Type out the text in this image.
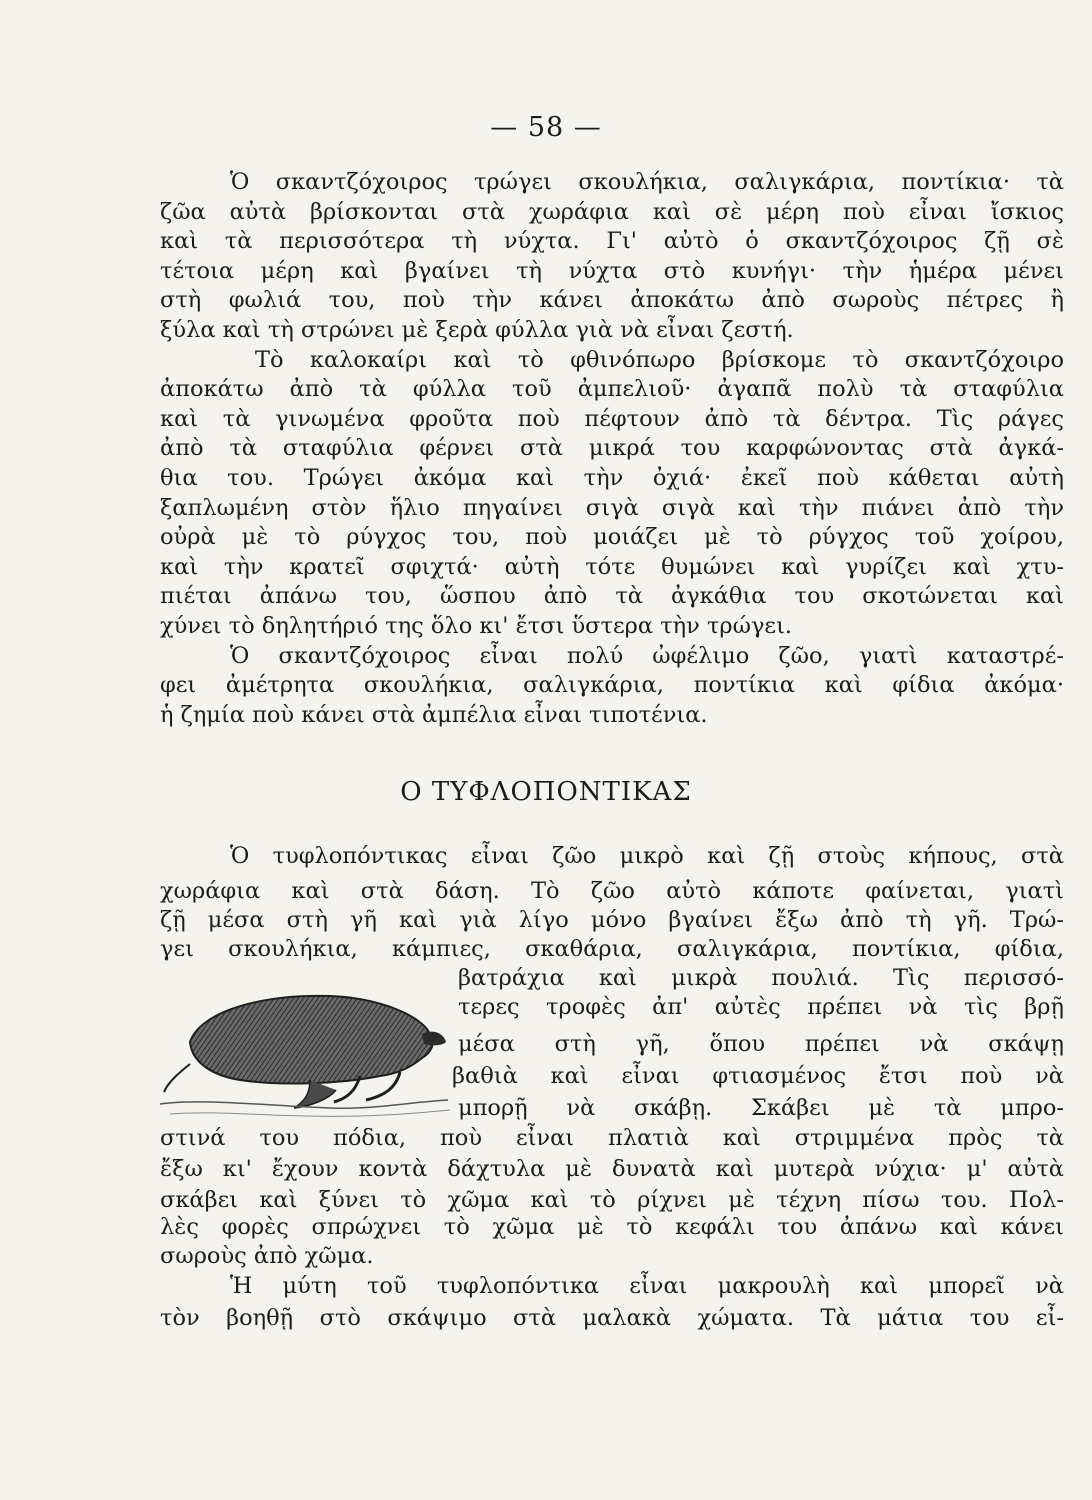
— 58 —
Ὁ σκαντζόχοιρος τρώγει σκουλήκια, σαλιγκάρια, ποντίκια· τὰ
ζῶα αὐτὰ βρίσκονται στὰ χωράφια καὶ σὲ μέρη ποὺ εἶναι ἴσκιος
καὶ τὰ περισσότερα τὴ νύχτα. Γι' αὐτὸ ὁ σκαντζόχοιρος ζῇ σὲ
τέτοια μέρη καὶ βγαίνει τὴ νύχτα στὸ κυνήγι· τὴν ἡμέρα μένει
στὴ φωλιά του, ποὺ τὴν κάνει ἀποκάτω ἀπὸ σωροὺς πέτρες ἢ
ξύλα καὶ τὴ στρώνει μὲ ξερὰ φύλλα γιὰ νὰ εἶναι ζεστή.
Τὸ καλοκαίρι καὶ τὸ φθινόπωρο βρίσκομε τὸ σκαντζόχοιρο
ἀποκάτω ἀπὸ τὰ φύλλα τοῦ ἀμπελιοῦ· ἀγαπᾶ πολὺ τὰ σταφύλια
καὶ τὰ γινωμένα φροῦτα ποὺ πέφτουν ἀπὸ τὰ δέντρα. Τὶς ράγες
ἀπὸ τὰ σταφύλια φέρνει στὰ μικρά του καρφώνοντας στὰ ἀγκά-
θια του. Τρώγει ἀκόμα καὶ τὴν ὀχιά· ἐκεῖ ποὺ κάθεται αὐτὴ
ξαπλωμένη στὸν ἥλιο πηγαίνει σιγὰ σιγὰ καὶ τὴν πιάνει ἀπὸ τὴν
οὐρὰ μὲ τὸ ρύγχος του, ποὺ μοιάζει μὲ τὸ ρύγχος τοῦ χοίρου,
καὶ τὴν κρατεῖ σφιχτά· αὐτὴ τότε θυμώνει καὶ γυρίζει καὶ χτυ-
πιέται ἀπάνω του, ὥσπου ἀπὸ τὰ ἀγκάθια του σκοτώνεται καὶ
χύνει τὸ δηλητήριό της ὅλο κι' ἔτσι ὕστερα τὴν τρώγει.
Ὁ σκαντζόχοιρος εἶναι πολύ ὠφέλιμο ζῶο, γιατὶ καταστρέ-
φει ἀμέτρητα σκουλήκια, σαλιγκάρια, ποντίκια καὶ φίδια ἀκόμα·
ἡ ζημία ποὺ κάνει στὰ ἀμπέλια εἶναι τιποτένια.
Ο ΤΥΦΛΟΠΟΝΤΙΚΑΣ
Ὁ τυφλοπόντικας εἶναι ζῶο μικρὸ καὶ ζῇ στοὺς κήπους, στὰ
χωράφια καὶ στὰ δάση. Τὸ ζῶο αὐτὸ κάποτε φαίνεται, γιατὶ
ζῇ μέσα στὴ γῆ καὶ γιὰ λίγο μόνο βγαίνει ἔξω ἀπὸ τὴ γῆ. Τρώ-
γει σκουλήκια, κάμπιες, σκαθάρια, σαλιγκάρια, ποντίκια, φίδια,
βατράχια καὶ μικρὰ πουλιά. Τὶς περισσό-
τερες τροφὲς ἀπ' αὐτὲς πρέπει νὰ τὶς βρῇ
μέσα στὴ γῆ, ὅπου πρέπει νὰ σκάψῃ
βαθιὰ καὶ εἶναι φτιασμένος ἔτσι ποὺ νὰ
μπορῇ νὰ σκάβῃ. Σκάβει μὲ τὰ μπρο-
στινά του πόδια, ποὺ εἶναι πλατιὰ καὶ στριμμένα πρὸς τὰ
ἔξω κι' ἔχουν κοντὰ δάχτυλα μὲ δυνατὰ καὶ μυτερὰ νύχια· μ' αὐτὰ
σκάβει καὶ ξύνει τὸ χῶμα καὶ τὸ ρίχνει μὲ τέχνη πίσω του. Πολ-
λὲς φορὲς σπρώχνει τὸ χῶμα μὲ τὸ κεφάλι του ἀπάνω καὶ κάνει
σωροὺς ἀπὸ χῶμα.
Ἡ μύτη τοῦ τυφλοπόντικα εἶναι μακρουλὴ καὶ μπορεῖ νὰ
τὸν βοηθῇ στὸ σκάψιμο στὰ μαλακὰ χώματα. Τὰ μάτια του εἶ-
